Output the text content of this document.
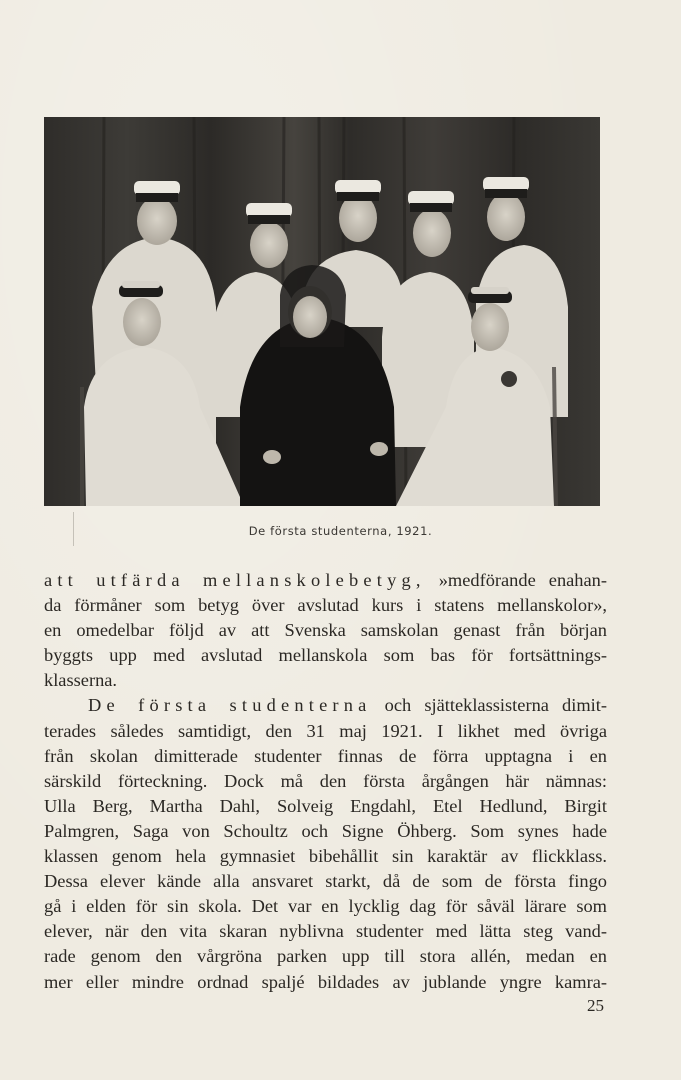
De första studenterna, 1921.
att utfärda mellanskolebetyg, »medförande enahan-
da förmåner som betyg över avslutad kurs i statens mellanskolor»,
en omedelbar följd av att Svenska samskolan genast från början
byggts upp med avslutad mellanskola som bas för fortsättnings-
klasserna.
De första studenterna och sjätteklassisterna dimit-
terades således samtidigt, den 31 maj 1921. I likhet med övriga
från skolan dimitterade studenter finnas de förra upptagna i en
särskild förteckning. Dock må den första årgången här nämnas:
Ulla Berg, Martha Dahl, Solveig Engdahl, Etel Hedlund, Birgit
Palmgren, Saga von Schoultz och Signe Öhberg. Som synes hade
klassen genom hela gymnasiet bibehållit sin karaktär av flickklass.
Dessa elever kände alla ansvaret starkt, då de som de första fingo
gå i elden för sin skola. Det var en lycklig dag för såväl lärare som
elever, när den vita skaran nyblivna studenter med lätta steg vand-
rade genom den vårgröna parken upp till stora allén, medan en
mer eller mindre ordnad spaljé bildades av jublande yngre kamra-
25
